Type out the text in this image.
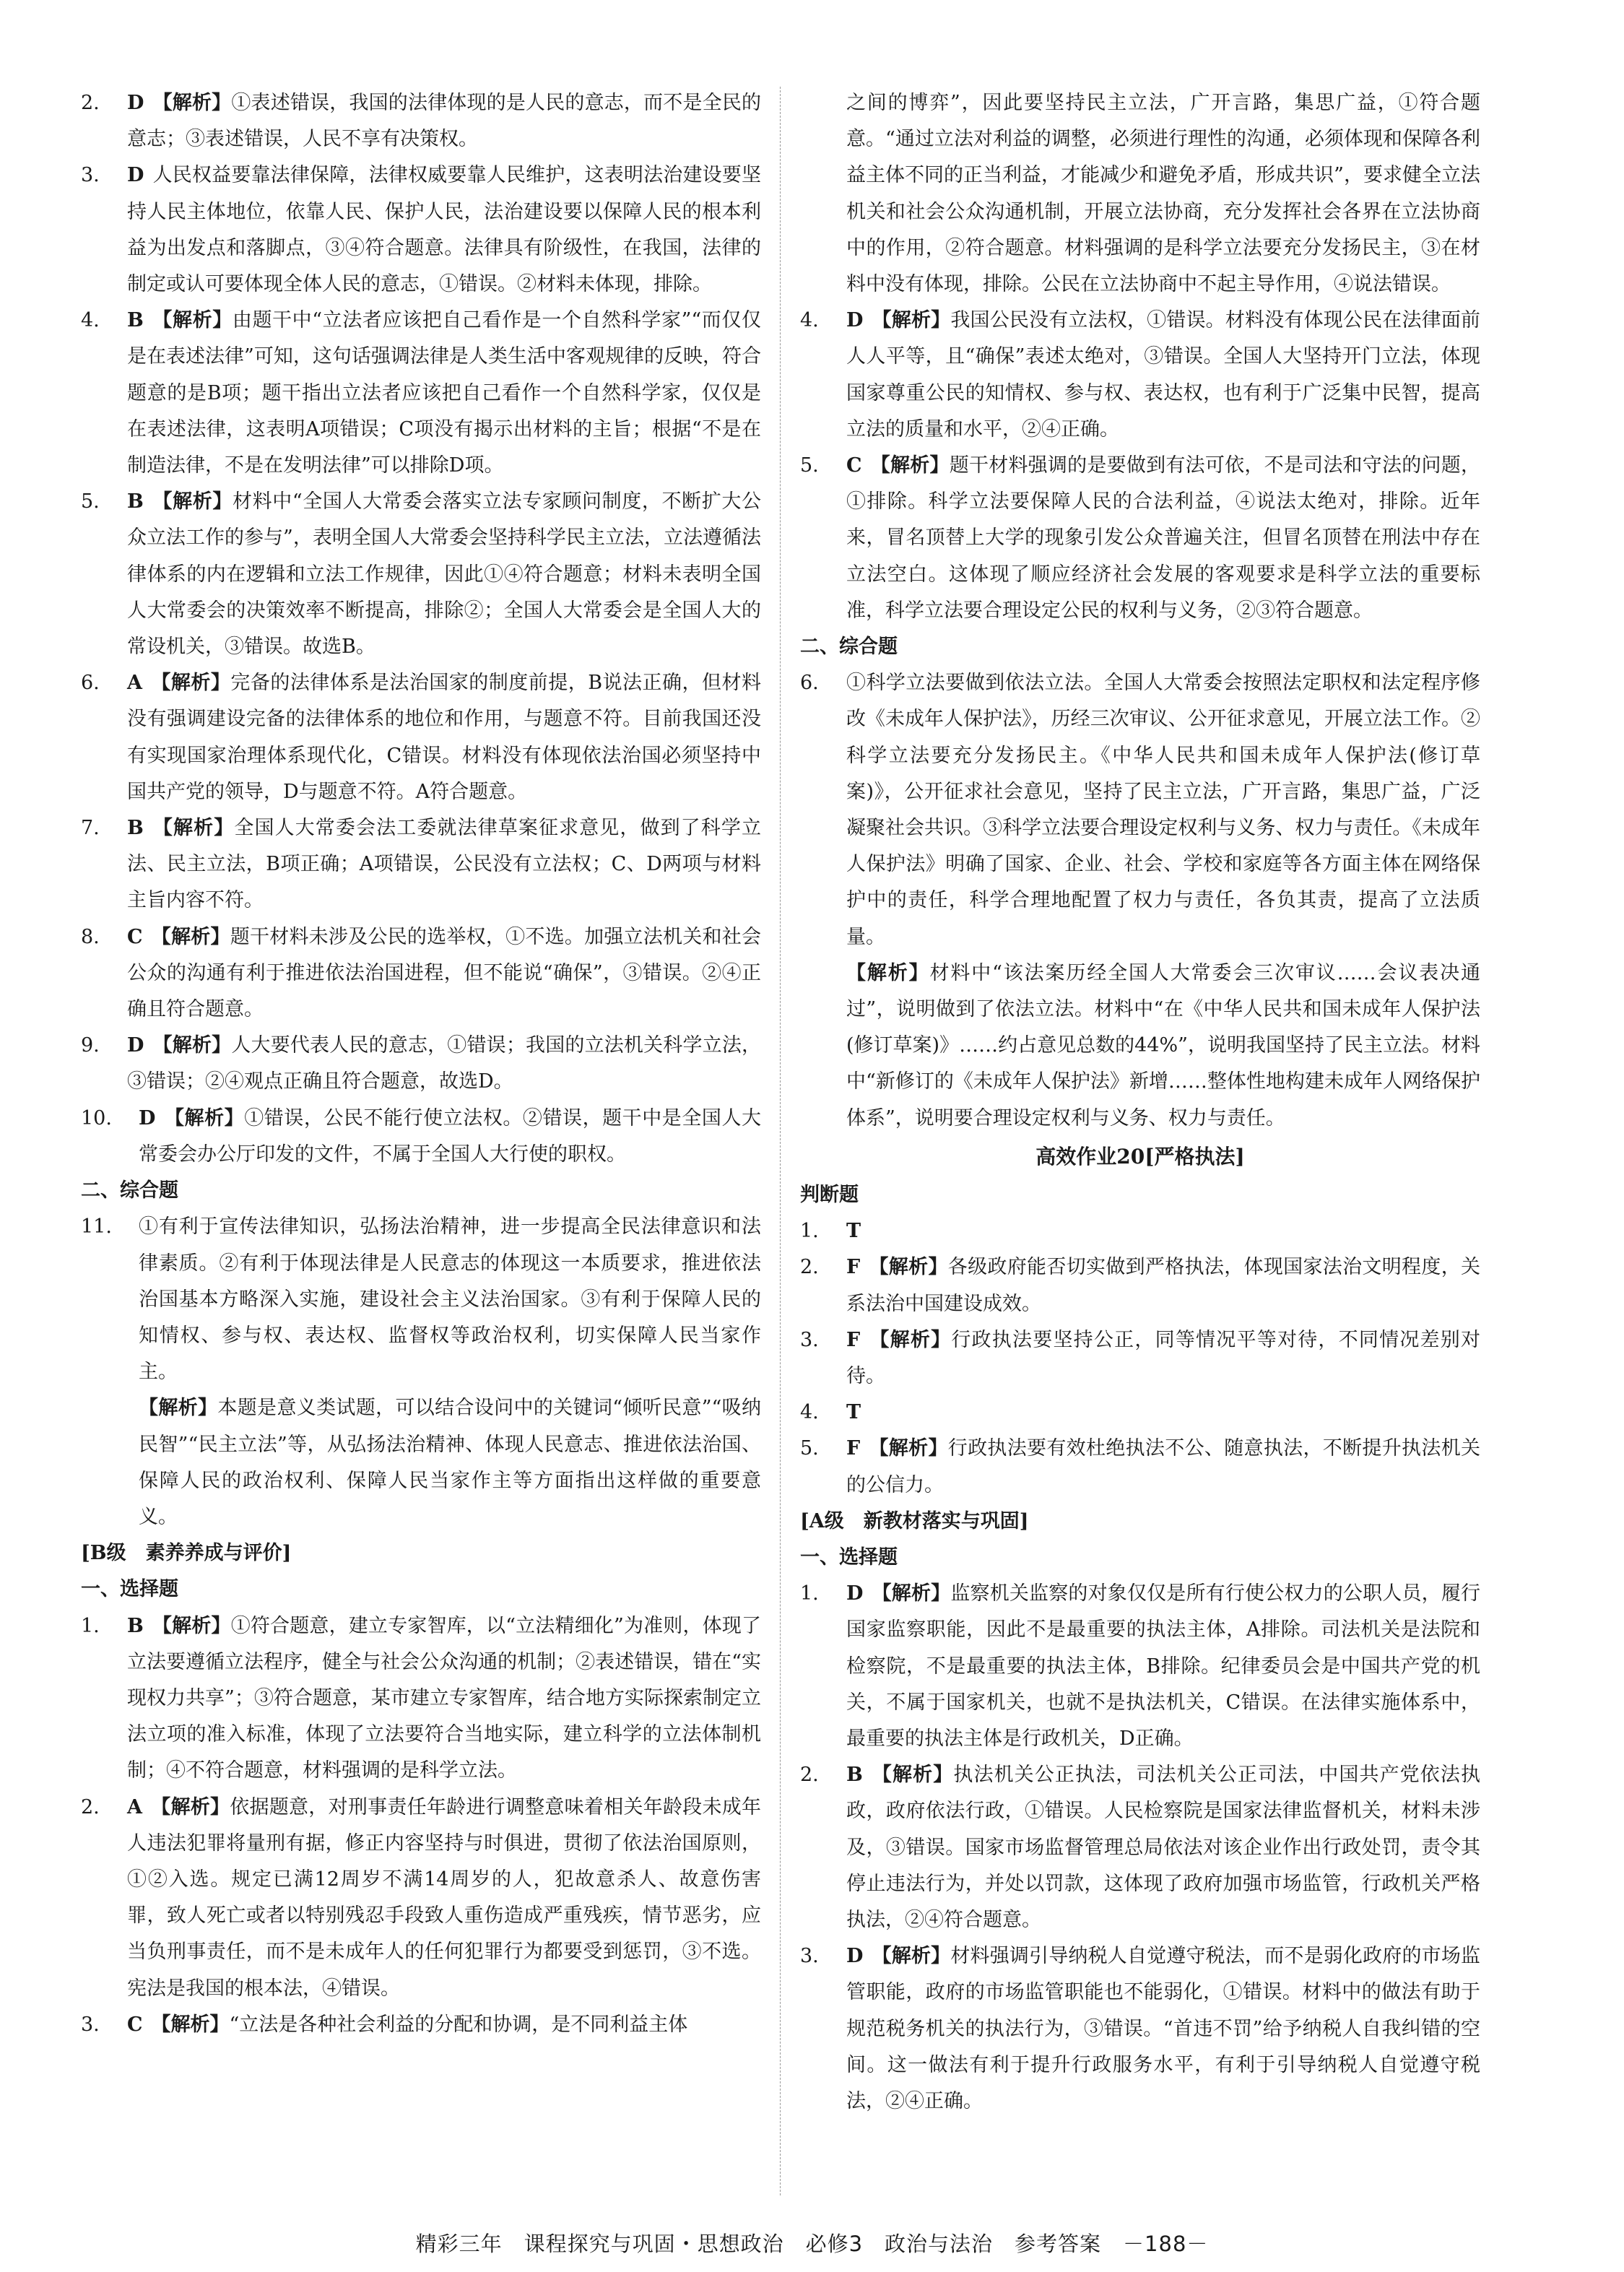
2. D 【解析】①表述错误，我国的法律体现的是人民的意志，而不是全民的意志；③表述错误，人民不享有决策权。

3. D 人民权益要靠法律保障，法律权威要靠人民维护，这表明法治建设要坚持人民主体地位，依靠人民、保护人民，法治建设要以保障人民的根本利益为出发点和落脚点，③④符合题意。法律具有阶级性，在我国，法律的制定或认可要体现全体人民的意志，①错误。②材料未体现，排除。

4. B 【解析】由题干中“立法者应该把自己看作是一个自然科学家”“而仅仅是在表述法律”可知，这句话强调法律是人类生活中客观规律的反映，符合题意的是B项；题干指出立法者应该把自己看作一个自然科学家，仅仅是在表述法律，这表明A项错误；C项没有揭示出材料的主旨；根据“不是在制造法律，不是在发明法律”可以排除D项。

5. B 【解析】材料中“全国人大常委会落实立法专家顾问制度，不断扩大公众立法工作的参与”，表明全国人大常委会坚持科学民主立法，立法遵循法律体系的内在逻辑和立法工作规律，因此①④符合题意；材料未表明全国人大常委会的决策效率不断提高，排除②；全国人大常委会是全国人大的常设机关，③错误。故选B。

6. A 【解析】完备的法律体系是法治国家的制度前提，B说法正确，但材料没有强调建设完备的法律体系的地位和作用，与题意不符。目前我国还没有实现国家治理体系现代化，C错误。材料没有体现依法治国必须坚持中国共产党的领导，D与题意不符。A符合题意。

7. B 【解析】全国人大常委会法工委就法律草案征求意见，做到了科学立法、民主立法，B项正确；A项错误，公民没有立法权；C、D两项与材料主旨内容不符。

8. C 【解析】题干材料未涉及公民的选举权，①不选。加强立法机关和社会公众的沟通有利于推进依法治国进程，但不能说“确保”，③错误。②④正确且符合题意。

9. D 【解析】人大要代表人民的意志，①错误；我国的立法机关科学立法，③错误；②④观点正确且符合题意，故选D。

10. D 【解析】①错误，公民不能行使立法权。②错误，题干中是全国人大常委会办公厅印发的文件，不属于全国人大行使的职权。

二、综合题

11. ①有利于宣传法律知识，弘扬法治精神，进一步提高全民法律意识和法律素质。②有利于体现法律是人民意志的体现这一本质要求，推进依法治国基本方略深入实施，建设社会主义法治国家。③有利于保障人民的知情权、参与权、表达权、监督权等政治权利，切实保障人民当家作主。

【解析】本题是意义类试题，可以结合设问中的关键词“倾听民意”“吸纳民智”“民主立法”等，从弘扬法治精神、体现人民意志、推进依法治国、保障人民的政治权利、保障人民当家作主等方面指出这样做的重要意义。

[B级　 素养养成与评价]

一、选择题

1. B 【解析】①符合题意，建立专家智库，以“立法精细化”为准则，体现了立法要遵循立法程序，健全与社会公众沟通的机制；②表述错误，错在“实现权力共享”；③符合题意，某市建立专家智库，结合地方实际探索制定立法立项的准入标准，体现了立法要符合当地实际，建立科学的立法体制机制；④不符合题意，材料强调的是科学立法。

2. A 【解析】依据题意，对刑事责任年龄进行调整意味着相关年龄段未成年人违法犯罪将量刑有据，修正内容坚持与时俱进，贯彻了依法治国原则，①②入选。规定已满12周岁不满14周岁的人，犯故意杀人、故意伤害罪，致人死亡或者以特别残忍手段致人重伤造成严重残疾，情节恶劣，应当负刑事责任，而不是未成年人的任何犯罪行为都要受到惩罚，③不选。宪法是我国的根本法，④错误。

3. C 【解析】“立法是各种社会利益的分配和协调，是不同利益主体

之间的博弈”，因此要坚持民主立法，广开言路，集思广益，①符合题意。“通过立法对利益的调整，必须进行理性的沟通，必须体现和保障各利益主体不同的正当利益，才能减少和避免矛盾，形成共识”，要求健全立法机关和社会公众沟通机制，开展立法协商，充分发挥社会各界在立法协商中的作用，②符合题意。材料强调的是科学立法要充分发扬民主，③在材料中没有体现，排除。公民在立法协商中不起主导作用，④说法错误。

4. D 【解析】我国公民没有立法权，①错误。材料没有体现公民在法律面前人人平等，且“确保”表述太绝对，③错误。全国人大坚持开门立法，体现国家尊重公民的知情权、参与权、表达权，也有利于广泛集中民智，提高立法的质量和水平，②④正确。

5. C 【解析】题干材料强调的是要做到有法可依，不是司法和守法的问题，①排除。科学立法要保障人民的合法利益，④说法太绝对，排除。近年来，冒名顶替上大学的现象引发公众普遍关注，但冒名顶替在刑法中存在立法空白。这体现了顺应经济社会发展的客观要求是科学立法的重要标准，科学立法要合理设定公民的权利与义务，②③符合题意。

二、综合题

6. ①科学立法要做到依法立法。全国人大常委会按照法定职权和法定程序修改《未成年人保护法》，历经三次审议、公开征求意见，开展立法工作。②科学立法要充分发扬民主。《中华人民共和国未成年人保护法(修订草案)》，公开征求社会意见，坚持了民主立法，广开言路，集思广益，广泛凝聚社会共识。③科学立法要合理设定权利与义务、权力与责任。《未成年人保护法》明确了国家、企业、社会、学校和家庭等各方面主体在网络保护中的责任，科学合理地配置了权力与责任，各负其责，提高了立法质量。

【解析】材料中“该法案历经全国人大常委会三次审议……会议表决通过”，说明做到了依法立法。材料中“在《中华人民共和国未成年人保护法(修订草案)》……约占意见总数的44%”，说明我国坚持了民主立法。材料中“新修订的《未成年人保护法》新增……整体性地构建未成年人网络保护体系”，说明要合理设定权利与义务、权力与责任。

高效作业20[严格执法]

判断题

1. T

2. F 【解析】各级政府能否切实做到严格执法，体现国家法治文明程度，关系法治中国建设成效。

3. F 【解析】行政执法要坚持公正，同等情况平等对待，不同情况差别对待。

4. T

5. F 【解析】行政执法要有效杜绝执法不公、随意执法，不断提升执法机关的公信力。

[A级　 新教材落实与巩固]

一、选择题

1. D 【解析】监察机关监察的对象仅仅是所有行使公权力的公职人员，履行国家监察职能，因此不是最重要的执法主体，A排除。司法机关是法院和检察院，不是最重要的执法主体，B排除。纪律委员会是中国共产党的机关，不属于国家机关，也就不是执法机关，C错误。在法律实施体系中，最重要的执法主体是行政机关，D正确。

2. B 【解析】执法机关公正执法，司法机关公正司法，中国共产党依法执政，政府依法行政，①错误。人民检察院是国家法律监督机关，材料未涉及，③错误。国家市场监督管理总局依法对该企业作出行政处罚，责令其停止违法行为，并处以罚款，这体现了政府加强市场监管，行政机关严格执法，②④符合题意。

3. D 【解析】材料强调引导纳税人自觉遵守税法，而不是弱化政府的市场监管职能，政府的市场监管职能也不能弱化，①错误。材料中的做法有助于规范税务机关的执法行为，③错误。“首违不罚”给予纳税人自我纠错的空间。这一做法有利于提升行政服务水平，有利于引导纳税人自觉遵守税法，②④正确。

精彩三年　课程探究与巩固・思想政治　必修3　政治与法治　参考答案　－188－
